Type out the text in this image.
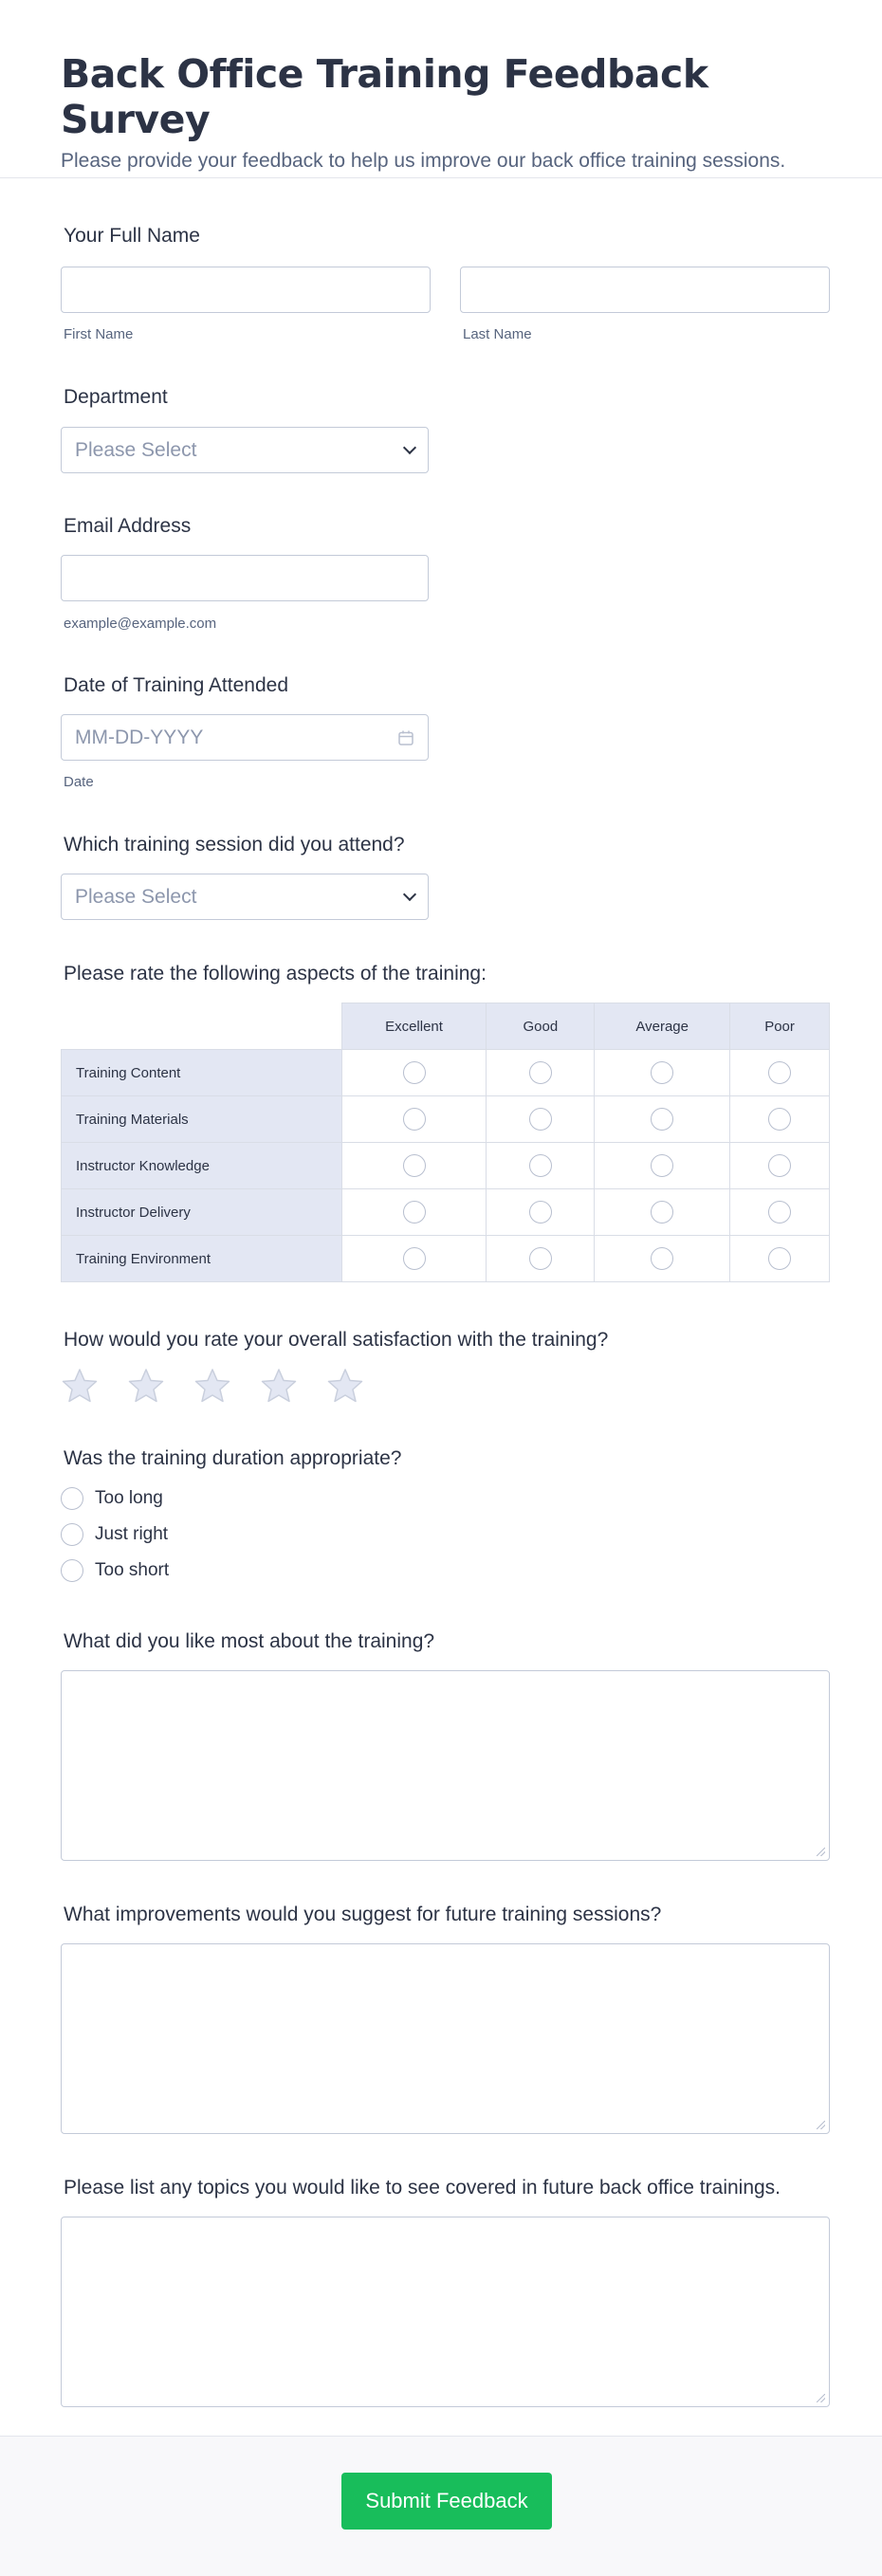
Back Office Training Feedback Survey

Please provide your feedback to help us improve our back office training sessions.

Your Full Name
First Name	Last Name
Department
Please Select
Email Address
example@example.com
Date of Training Attended
MM-DD-YYYY
Date
Which training session did you attend?
Please Select
Please rate the following aspects of the training:
	Excellent	Good	Average	Poor
Training Content				
Training Materials				
Instructor Knowledge				
Instructor Delivery				
Training Environment				
How would you rate your overall satisfaction with the training?
Was the training duration appropriate?
Too long
Just right
Too short
What did you like most about the training?
What improvements would you suggest for future training sessions?
Please list any topics you would like to see covered in future back office trainings.
Submit Feedback
